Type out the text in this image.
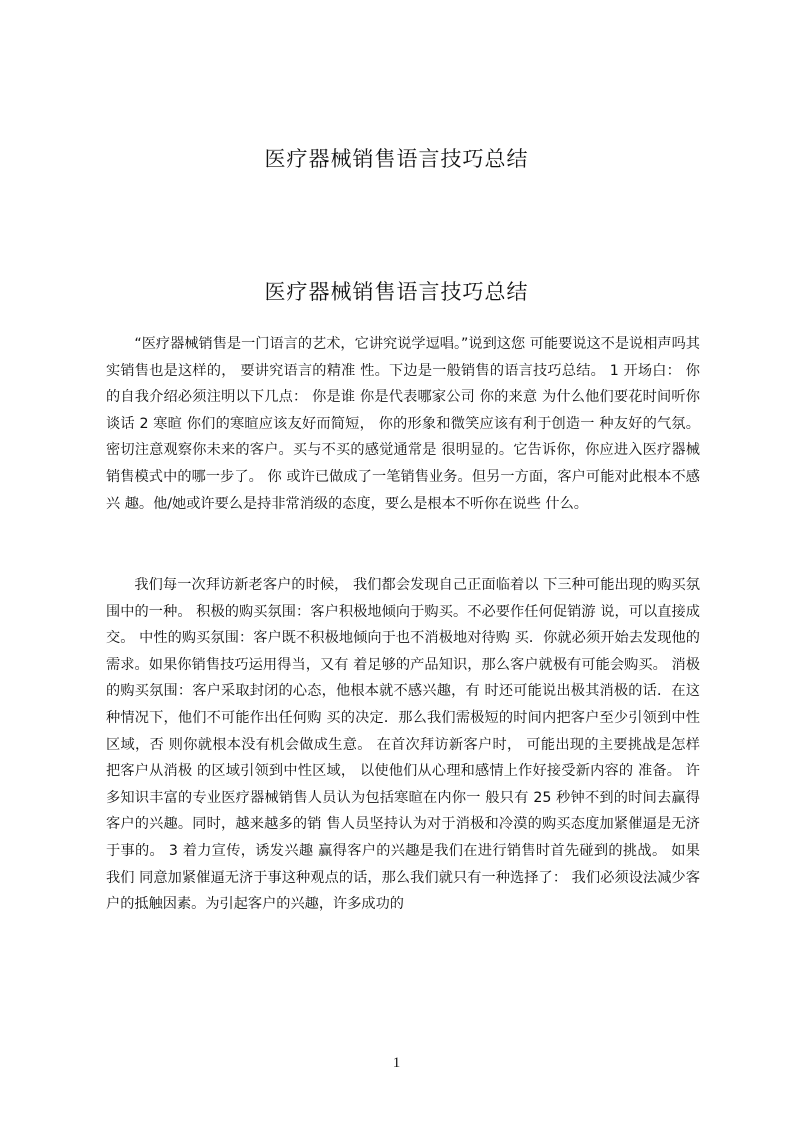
医疗器械销售语言技巧总结
医疗器械销售语言技巧总结

“医疗器械销售是一门语言的艺术，它讲究说学逗唱。”说到这您 可能要说这不是说相声吗其实销售也是这样的， 要讲究语言的精准 性。下边是一般销售的语言技巧总结。 1 开场白： 你的自我介绍必须注明以下几点： 你是谁 你是代表哪家公司 你的来意 为什么他们要花时间听你谈话 2 寒暄 你们的寒暄应该友好而简短， 你的形象和微笑应该有利于创造一 种友好的气氛。密切注意观察你未来的客户。买与不买的感觉通常是 很明显的。它告诉你，你应进入医疗器械销售模式中的哪一步了。 你 或许已做成了一笔销售业务。但另一方面，客户可能对此根本不感兴 趣。他/她或许要么是持非常消级的态度，要么是根本不听你在说些 什么。

我们每一次拜访新老客户的时候， 我们都会发现自己正面临着以 下三种可能出现的购买氛围中的一种。 积极的购买氛围：客户积极地倾向于购买。不必要作任何促销游 说，可以直接成交。 中性的购买氛围：客户既不积极地倾向于也不消极地对待购 买．你就必须开始去发现他的需求。如果你销售技巧运用得当，又有 着足够的产品知识，那么客户就极有可能会购买。 消极的购买氛围：客户采取封闭的心态，他根本就不感兴趣，有 时还可能说出极其消极的话．在这种情况下，他们不可能作出任何购 买的决定．那么我们需极短的时间内把客户至少引领到中性区域，否 则你就根本没有机会做成生意。 在首次拜访新客户时， 可能出现的主要挑战是怎样把客户从消极 的区域引领到中性区域， 以使他们从心理和感情上作好接受新内容的 准备。 许多知识丰富的专业医疗器械销售人员认为包括寒暄在内你一 般只有 25 秒钟不到的时间去赢得客户的兴趣。同时，越来越多的销 售人员坚持认为对于消极和冷漠的购买态度加紧催逼是无济于事的。 3 着力宣传，诱发兴趣 赢得客户的兴趣是我们在进行销售时首先碰到的挑战。 如果我们 同意加紧催逼无济于事这种观点的话，那么我们就只有一种选择了： 我们必须设法减少客户的抵触因素。为引起客户的兴趣，许多成功的

1
